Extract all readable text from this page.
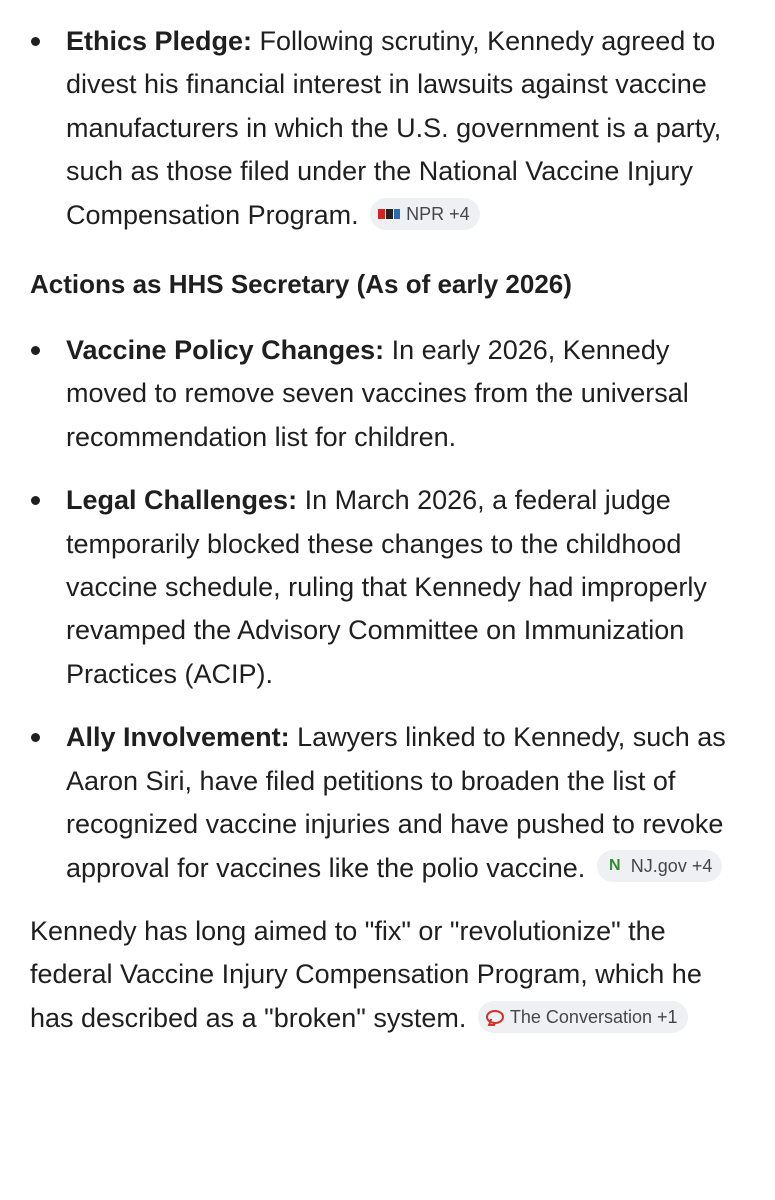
Ethics Pledge: Following scrutiny, Kennedy agreed to divest his financial interest in lawsuits against vaccine manufacturers in which the U.S. government is a party, such as those filed under the National Vaccine Injury Compensation Program.	NPR +4
Actions as HHS Secretary (As of early 2026)
Vaccine Policy Changes: In early 2026, Kennedy moved to remove seven vaccines from the universal recommendation list for children.
Legal Challenges: In March 2026, a federal judge temporarily blocked these changes to the childhood vaccine schedule, ruling that Kennedy had improperly revamped the Advisory Committee on Immunization Practices (ACIP).
Ally Involvement: Lawyers linked to Kennedy, such as Aaron Siri, have filed petitions to broaden the list of recognized vaccine injuries and have pushed to revoke approval for vaccines like the polio vaccine. N NJ.gov +4

Kennedy has long aimed to "fix" or "revolutionize" the federal Vaccine Injury Compensation Program, which he has described as a "broken" system. The Conversation +1
